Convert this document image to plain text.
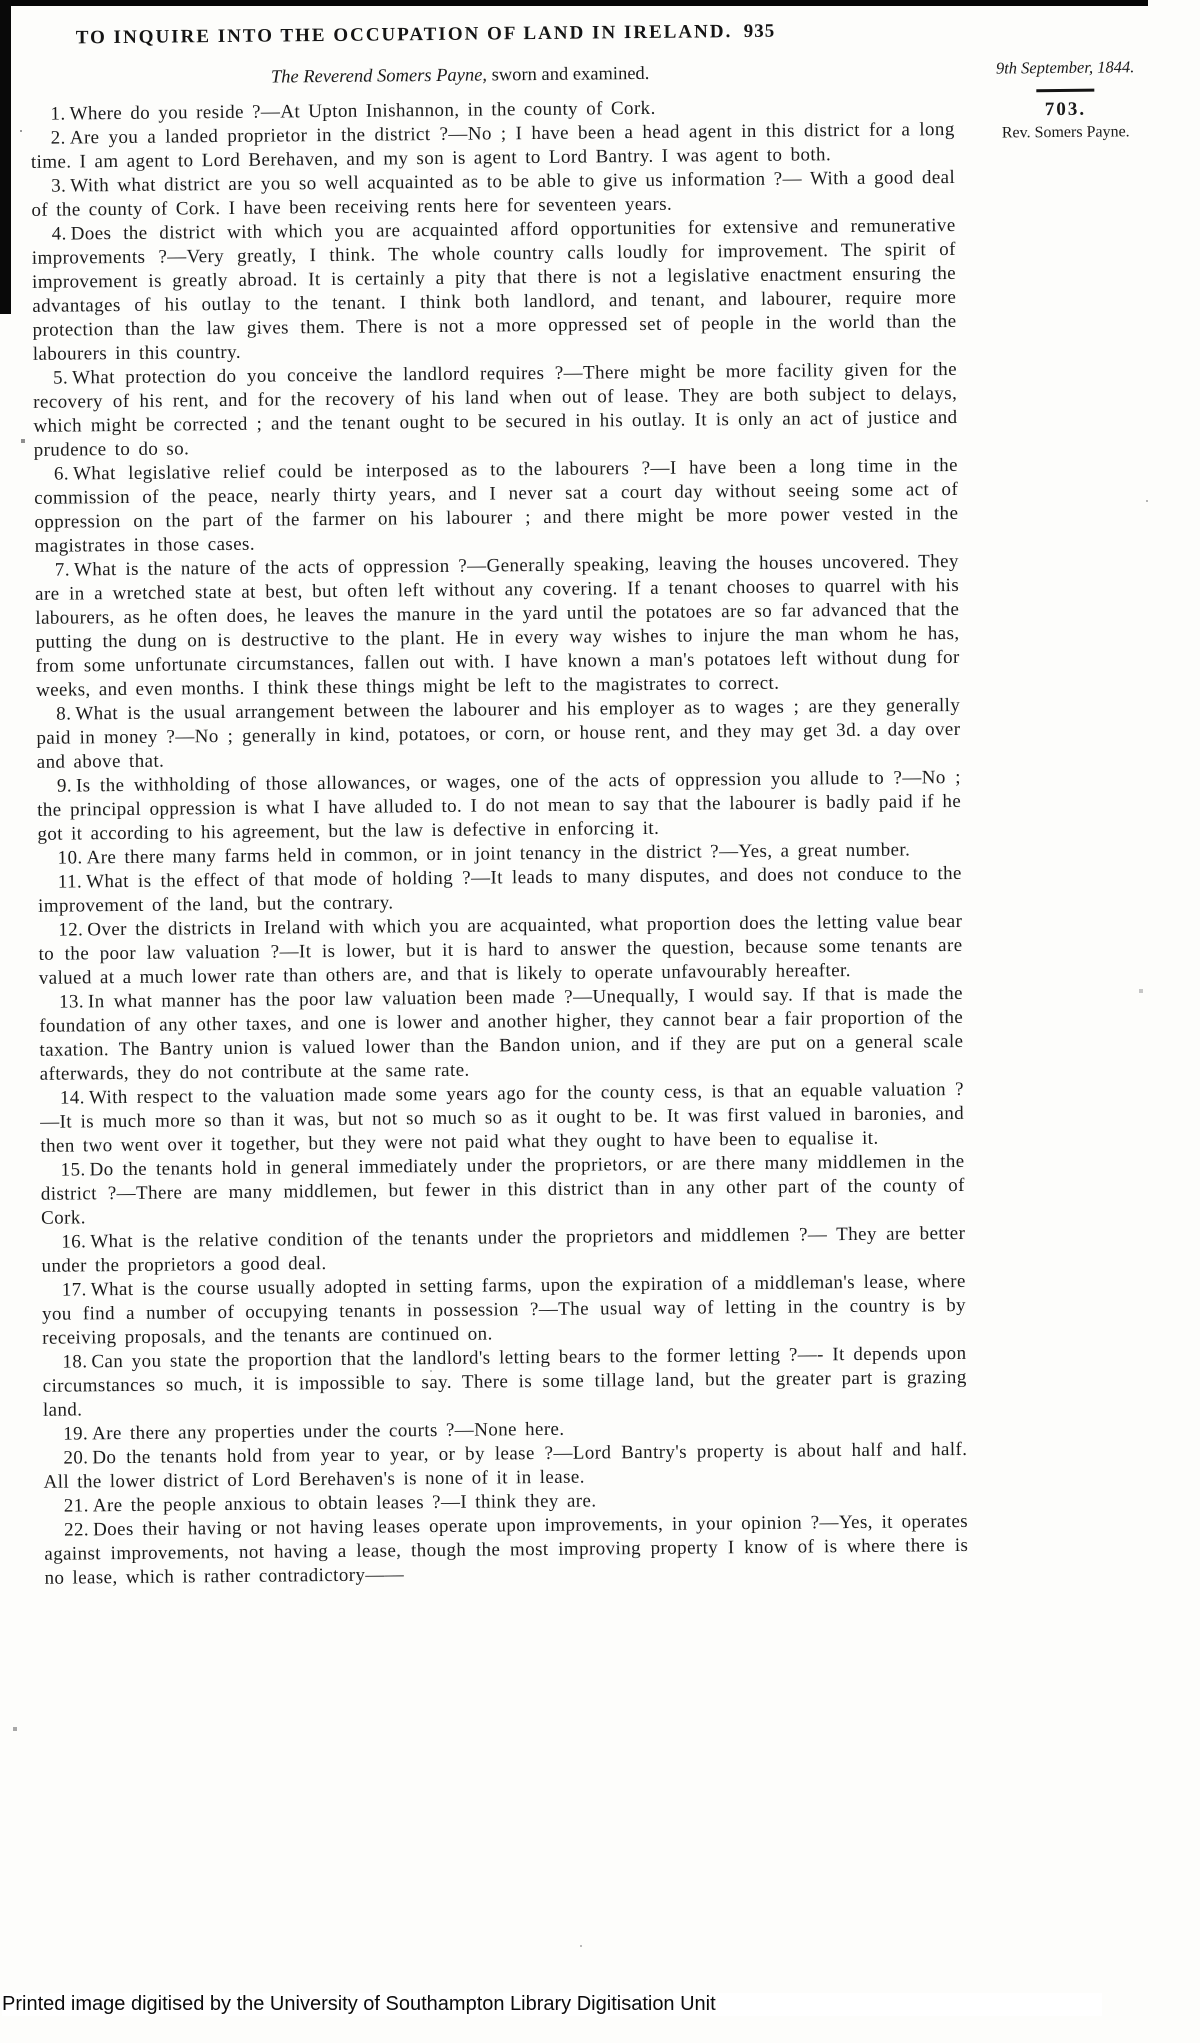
TO INQUIRE INTO THE OCCUPATION OF LAND IN IRELAND. 935
The Reverend Somers Payne, sworn and examined.	9th September, 1844.
703.
Rev. Somers Payne.

1. Where do you reside ?—At Upton Inishannon, in the county of Cork.

2. Are you a landed proprietor in the district ?—No ; I have been a head agent in this district for a long time. I am agent to Lord Berehaven, and my son is agent to Lord Bantry. I was agent to both.

3. With what district are you so well acquainted as to be able to give us information ?— With a good deal of the county of Cork. I have been receiving rents here for seventeen years.

4. Does the district with which you are acquainted afford opportunities for extensive and remunerative improvements ?—Very greatly, I think. The whole country calls loudly for improvement. The spirit of improvement is greatly abroad. It is certainly a pity that there is not a legislative enactment ensuring the advantages of his outlay to the tenant. I think both landlord, and tenant, and labourer, require more protection than the law gives them. There is not a more oppressed set of people in the world than the labourers in this country.

5. What protection do you conceive the landlord requires ?—There might be more facility given for the recovery of his rent, and for the recovery of his land when out of lease. They are both subject to delays, which might be corrected ; and the tenant ought to be secured in his outlay. It is only an act of justice and prudence to do so.

6. What legislative relief could be interposed as to the labourers ?—I have been a long time in the commission of the peace, nearly thirty years, and I never sat a court day without seeing some act of oppression on the part of the farmer on his labourer ; and there might be more power vested in the magistrates in those cases.

7. What is the nature of the acts of oppression ?—Generally speaking, leaving the houses uncovered. They are in a wretched state at best, but often left without any covering. If a tenant chooses to quarrel with his labourers, as he often does, he leaves the manure in the yard until the potatoes are so far advanced that the putting the dung on is destructive to the plant. He in every way wishes to injure the man whom he has, from some unfortunate circumstances, fallen out with. I have known a man's potatoes left without dung for weeks, and even months. I think these things might be left to the magistrates to correct.

8. What is the usual arrangement between the labourer and his employer as to wages ; are they generally paid in money ?—No ; generally in kind, potatoes, or corn, or house rent, and they may get 3d. a day over and above that.

9. Is the withholding of those allowances, or wages, one of the acts of oppression you allude to ?—No ; the principal oppression is what I have alluded to. I do not mean to say that the labourer is badly paid if he got it according to his agreement, but the law is defective in enforcing it.

10. Are there many farms held in common, or in joint tenancy in the district ?—Yes, a great number.

11. What is the effect of that mode of holding ?—It leads to many disputes, and does not conduce to the improvement of the land, but the contrary.

12. Over the districts in Ireland with which you are acquainted, what proportion does the letting value bear to the poor law valuation ?—It is lower, but it is hard to answer the question, because some tenants are valued at a much lower rate than others are, and that is likely to operate unfavourably hereafter.

13. In what manner has the poor law valuation been made ?—Unequally, I would say. If that is made the foundation of any other taxes, and one is lower and another higher, they cannot bear a fair proportion of the taxation. The Bantry union is valued lower than the Bandon union, and if they are put on a general scale afterwards, they do not contribute at the same rate.

14. With respect to the valuation made some years ago for the county cess, is that an equable valuation ?—It is much more so than it was, but not so much so as it ought to be. It was first valued in baronies, and then two went over it together, but they were not paid what they ought to have been to equalise it.

15. Do the tenants hold in general immediately under the proprietors, or are there many middlemen in the district ?—There are many middlemen, but fewer in this district than in any other part of the county of Cork.

16. What is the relative condition of the tenants under the proprietors and middlemen ?— They are better under the proprietors a good deal.

17. What is the course usually adopted in setting farms, upon the expiration of a middleman's lease, where you find a number of occupying tenants in possession ?—The usual way of letting in the country is by receiving proposals, and the tenants are continued on.

18. Can you state the proportion that the landlord's letting bears to the former letting ?—- It depends upon circumstances so much, it is impossible to say. There is some tillage land, but the greater part is grazing land.

19. Are there any properties under the courts ?—None here.

20. Do the tenants hold from year to year, or by lease ?—Lord Bantry's property is about half and half. All the lower district of Lord Berehaven's is none of it in lease.

21. Are the people anxious to obtain leases ?—I think they are.

22. Does their having or not having leases operate upon improvements, in your opinion ?—Yes, it operates against improvements, not having a lease, though the most improving property I know of is where there is no lease, which is rather contradictory——

Printed image digitised by the University of Southampton Library Digitisation Unit
